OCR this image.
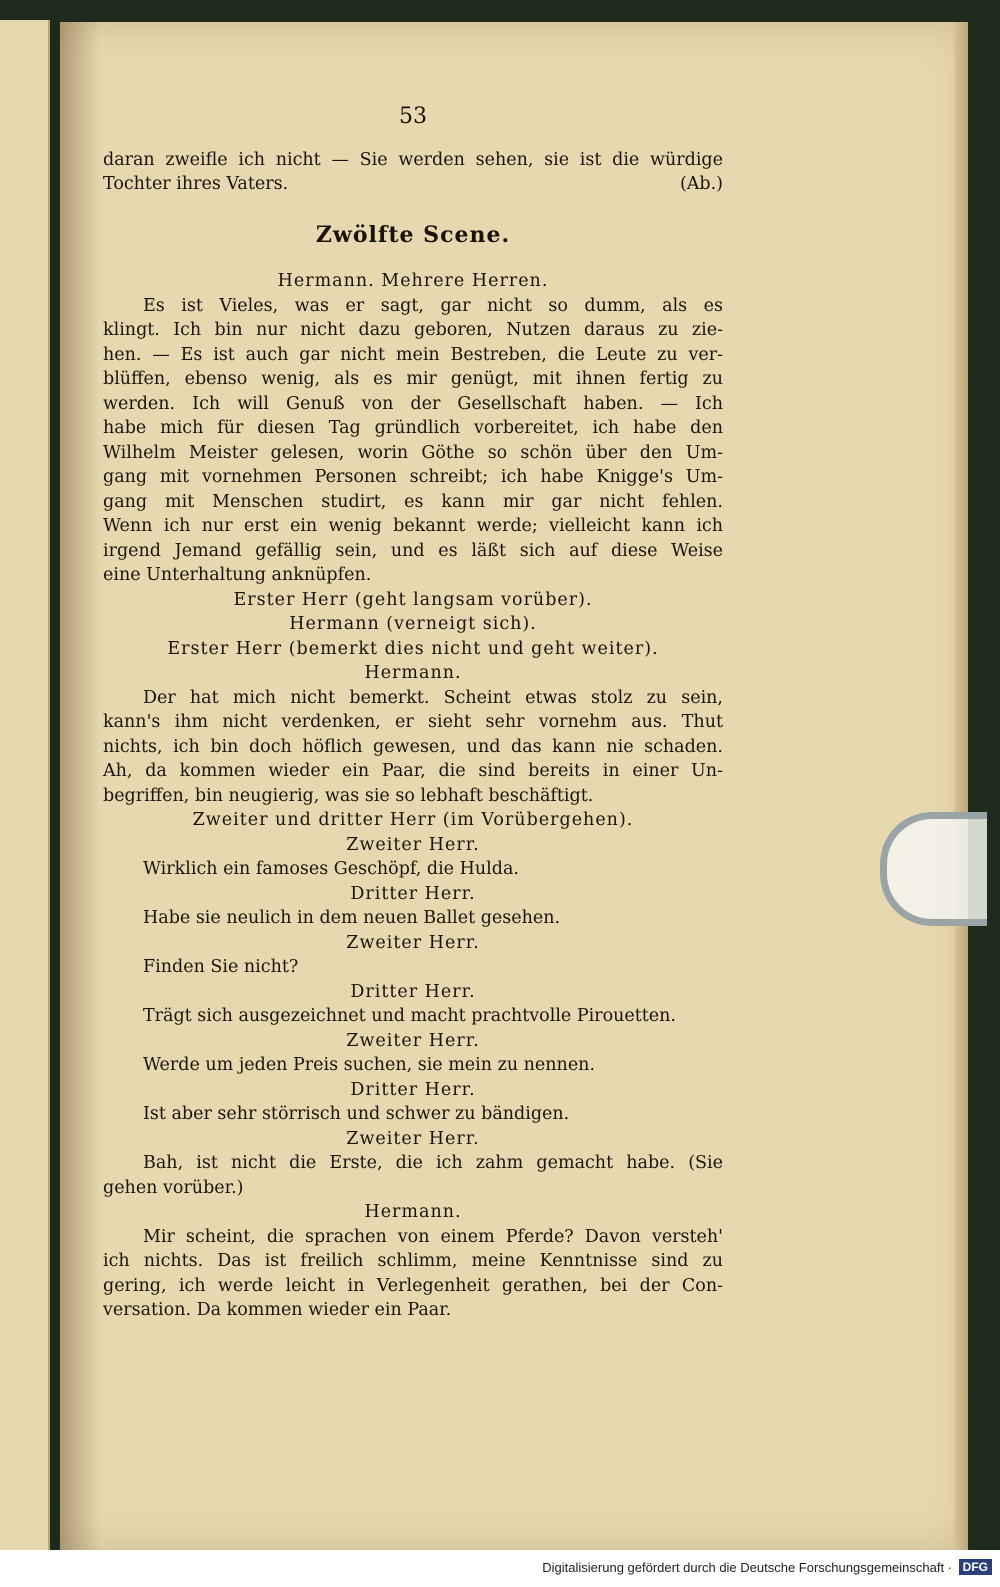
53

daran zweifle ich nicht — Sie werden sehen, sie ist die würdige

Tochter ihres Vaters.	(Ab.)

Zwölfte Scene.

Hermann. Mehrere Herren.

Es ist Vieles, was er sagt, gar nicht so dumm, als es

klingt. Ich bin nur nicht dazu geboren, Nutzen daraus zu zie-

hen. — Es ist auch gar nicht mein Bestreben, die Leute zu ver-

blüffen, ebenso wenig, als es mir genügt, mit ihnen fertig zu

werden. Ich will Genuß von der Gesellschaft haben. — Ich

habe mich für diesen Tag gründlich vorbereitet, ich habe den

Wilhelm Meister gelesen, worin Göthe so schön über den Um-

gang mit vornehmen Personen schreibt; ich habe Knigge's Um-

gang mit Menschen studirt, es kann mir gar nicht fehlen.

Wenn ich nur erst ein wenig bekannt werde; vielleicht kann ich

irgend Jemand gefällig sein, und es läßt sich auf diese Weise

eine Unterhaltung anknüpfen.

Erster Herr (geht langsam vorüber).

Hermann (verneigt sich).

Erster Herr (bemerkt dies nicht und geht weiter).

Hermann.

Der hat mich nicht bemerkt. Scheint etwas stolz zu sein,

kann's ihm nicht verdenken, er sieht sehr vornehm aus. Thut

nichts, ich bin doch höflich gewesen, und das kann nie schaden.

Ah, da kommen wieder ein Paar, die sind bereits in einer Un-

begriffen, bin neugierig, was sie so lebhaft beschäftigt.

Zweiter und dritter Herr (im Vorübergehen).

Zweiter Herr.

Wirklich ein famoses Geschöpf, die Hulda.

Dritter Herr.

Habe sie neulich in dem neuen Ballet gesehen.

Zweiter Herr.

Finden Sie nicht?

Dritter Herr.

Trägt sich ausgezeichnet und macht prachtvolle Pirouetten.

Zweiter Herr.

Werde um jeden Preis suchen, sie mein zu nennen.

Dritter Herr.

Ist aber sehr störrisch und schwer zu bändigen.

Zweiter Herr.

Bah, ist nicht die Erste, die ich zahm gemacht habe. (Sie

gehen vorüber.)

Hermann.

Mir scheint, die sprachen von einem Pferde? Davon versteh'

ich nichts. Das ist freilich schlimm, meine Kenntnisse sind zu

gering, ich werde leicht in Verlegenheit gerathen, bei der Con-

versation. Da kommen wieder ein Paar.

Digitalisierung gefördert durch die Deutsche Forschungsgemeinschaft · DFG
